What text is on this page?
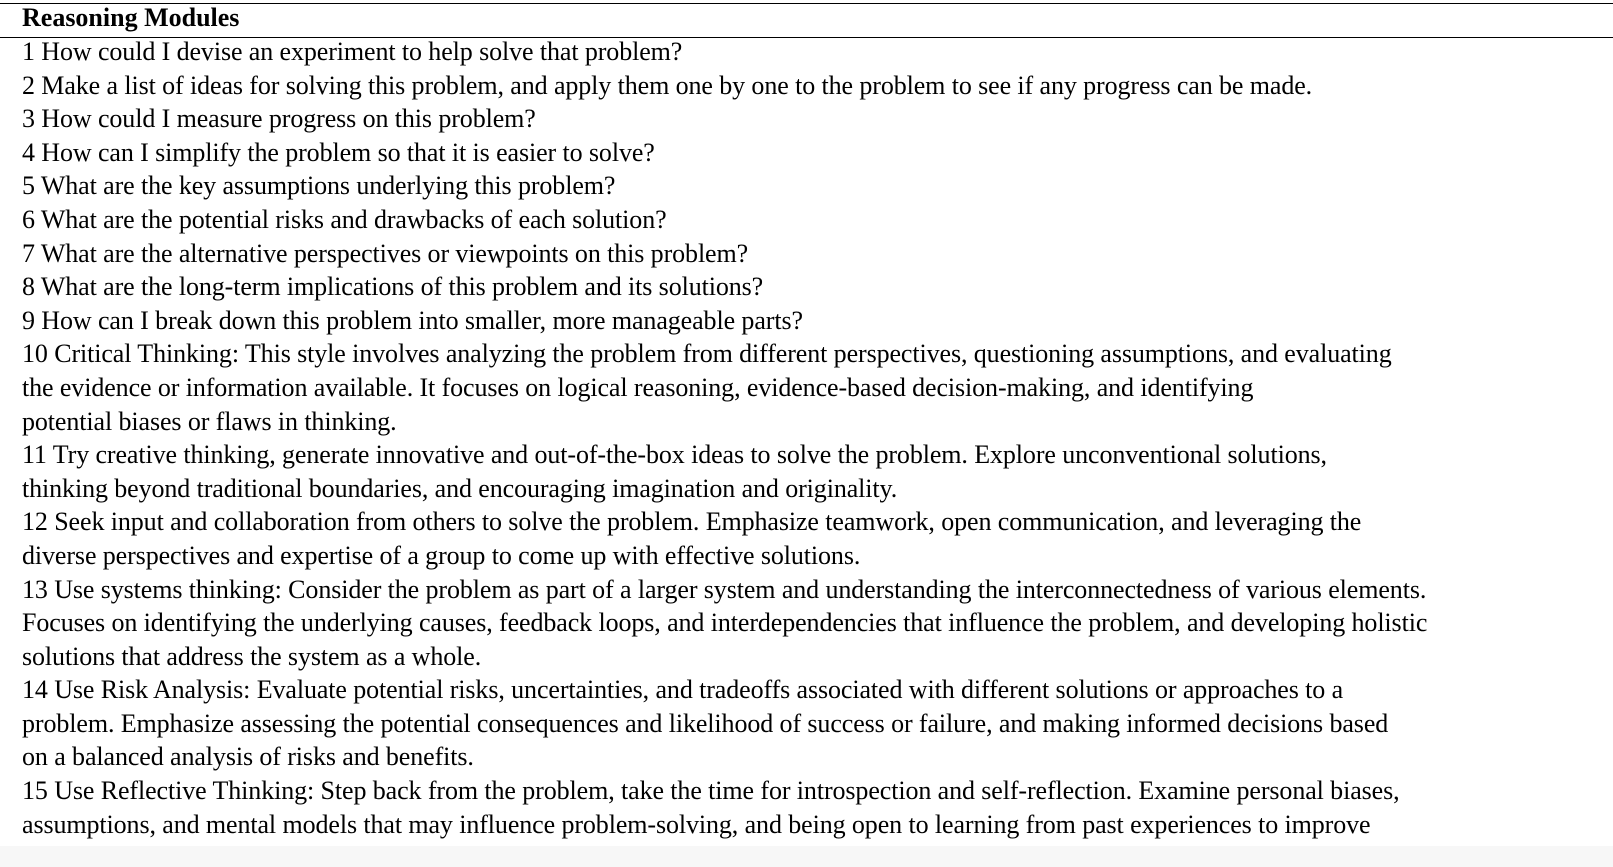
Reasoning Modules
1 How could I devise an experiment to help solve that problem?
2 Make a list of ideas for solving this problem, and apply them one by one to the problem to see if any progress can be made.
3 How could I measure progress on this problem?
4 How can I simplify the problem so that it is easier to solve?
5 What are the key assumptions underlying this problem?
6 What are the potential risks and drawbacks of each solution?
7 What are the alternative perspectives or viewpoints on this problem?
8 What are the long-term implications of this problem and its solutions?
9 How can I break down this problem into smaller, more manageable parts?
10 Critical Thinking: This style involves analyzing the problem from different perspectives, questioning assumptions, and evaluating
the evidence or information available. It focuses on logical reasoning, evidence-based decision-making, and identifying
potential biases or flaws in thinking.
11 Try creative thinking, generate innovative and out-of-the-box ideas to solve the problem. Explore unconventional solutions,
thinking beyond traditional boundaries, and encouraging imagination and originality.
12 Seek input and collaboration from others to solve the problem. Emphasize teamwork, open communication, and leveraging the
diverse perspectives and expertise of a group to come up with effective solutions.
13 Use systems thinking: Consider the problem as part of a larger system and understanding the interconnectedness of various elements.
Focuses on identifying the underlying causes, feedback loops, and interdependencies that influence the problem, and developing holistic
solutions that address the system as a whole.
14 Use Risk Analysis: Evaluate potential risks, uncertainties, and tradeoffs associated with different solutions or approaches to a
problem. Emphasize assessing the potential consequences and likelihood of success or failure, and making informed decisions based
on a balanced analysis of risks and benefits.
15 Use Reflective Thinking: Step back from the problem, take the time for introspection and self-reflection. Examine personal biases,
assumptions, and mental models that may influence problem-solving, and being open to learning from past experiences to improve
